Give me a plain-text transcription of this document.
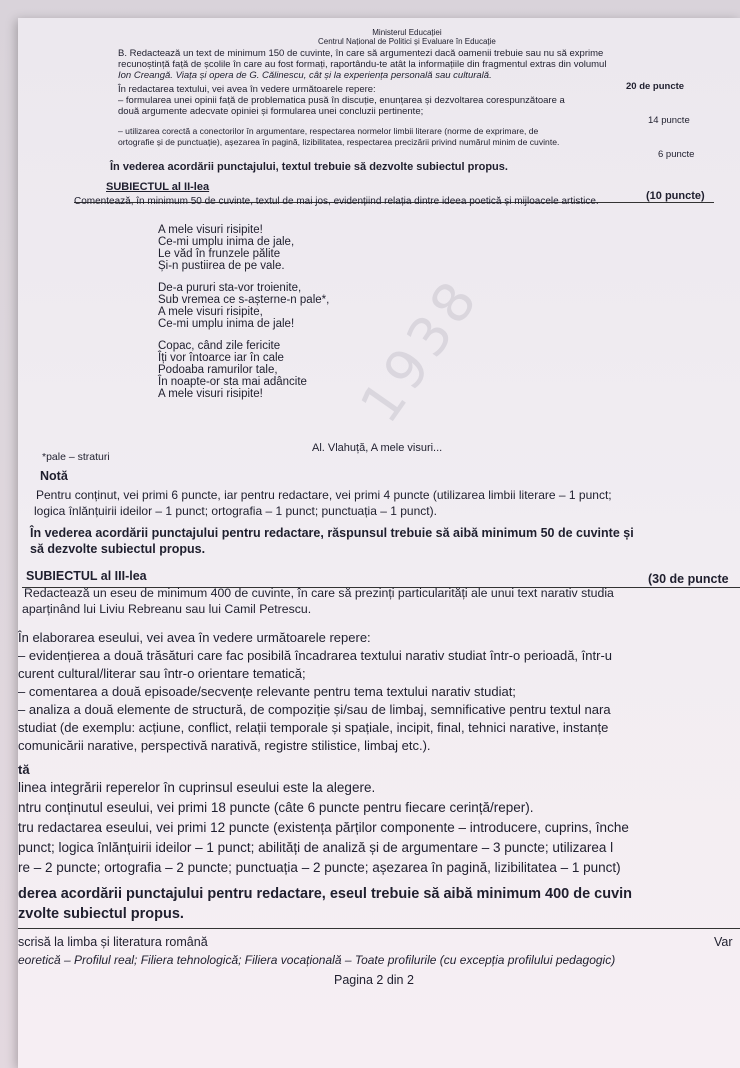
1938
Ministerul Educației
Centrul Național de Politici și Evaluare în Educație
B. Redactează un text de minimum 150 de cuvinte, în care să argumentezi dacă oamenii trebuie sau nu să exprime
recunoștință față de școlile în care au fost formați, raportându-te atât la informațiile din fragmentul extras din volumul
Ion Creangă. Viața și opera de G. Călinescu, cât și la experiența personală sau culturală.
20 de puncte
În redactarea textului, vei avea în vedere următoarele repere:
– formularea unei opinii față de problematica pusă în discuție, enunțarea și dezvoltarea corespunzătoare a
două argumente adecvate opiniei și formularea unei concluzii pertinente;
14 puncte
– utilizarea corectă a conectorilor în argumentare, respectarea normelor limbii literare (norme de exprimare, de
ortografie și de punctuație), așezarea în pagină, lizibilitatea, respectarea precizării privind numărul minim de cuvinte.
6 puncte
În vederea acordării punctajului, textul trebuie să dezvolte subiectul propus.
SUBIECTUL al II-lea
(10 puncte)
Comentează, în minimum 50 de cuvinte, textul de mai jos, evidențiind relația dintre ideea poetică și mijloacele artistice.

A mele visuri risipite!
Ce-mi umplu inima de jale,
Le văd în frunzele pălite
Și-n pustiirea de pe vale.

De-a pururi sta-vor troienite,
Sub vremea ce s-așterne-n pale*,
A mele visuri risipite,
Ce-mi umplu inima de jale!

Copac, când zile fericite
Îți vor întoarce iar în cale
Podoaba ramurilor tale,
În noapte-or sta mai adâncite
A mele visuri risipite!

Al. Vlahuță, A mele visuri...
*pale – straturi
Notă
Pentru conținut, vei primi 6 puncte, iar pentru redactare, vei primi 4 puncte (utilizarea limbii literare – 1 punct;
logica înlănțuirii ideilor – 1 punct; ortografia – 1 punct; punctuația – 1 punct).
În vederea acordării punctajului pentru redactare, răspunsul trebuie să aibă minimum 50 de cuvinte și
să dezvolte subiectul propus.
SUBIECTUL al III-lea	(30 de puncte
Redactează un eseu de minimum 400 de cuvinte, în care să prezinți particularități ale unui text narativ studia
aparținând lui Liviu Rebreanu sau lui Camil Petrescu.
În elaborarea eseului, vei avea în vedere următoarele repere:
– evidențierea a două trăsături care fac posibilă încadrarea textului narativ studiat într-o perioadă, într-u
curent cultural/literar sau într-o orientare tematică;
– comentarea a două episoade/secvențe relevante pentru tema textului narativ studiat;
– analiza a două elemente de structură, de compoziție și/sau de limbaj, semnificative pentru textul nara
studiat (de exemplu: acțiune, conflict, relații temporale și spațiale, incipit, final, tehnici narative, instanțe
comunicării narative, perspectivă narativă, registre stilistice, limbaj etc.).
tă
linea integrării reperelor în cuprinsul eseului este la alegere.
ntru conținutul eseului, vei primi 18 puncte (câte 6 puncte pentru fiecare cerință/reper).
tru redactarea eseului, vei primi 12 puncte (existența părților componente – introducere, cuprins, înche
punct; logica înlănțuirii ideilor – 1 punct; abilități de analiză și de argumentare – 3 puncte; utilizarea l
re – 2 puncte; ortografia – 2 puncte; punctuația – 2 puncte; așezarea în pagină, lizibilitatea – 1 punct)
derea acordării punctajului pentru redactare, eseul trebuie să aibă minimum 400 de cuvin
zvolte subiectul propus.
scrisă la limba și literatura română	Var
eoretică – Profilul real; Filiera tehnologică; Filiera vocațională – Toate profilurile (cu excepția profilului pedagogic)
Pagina 2 din 2
